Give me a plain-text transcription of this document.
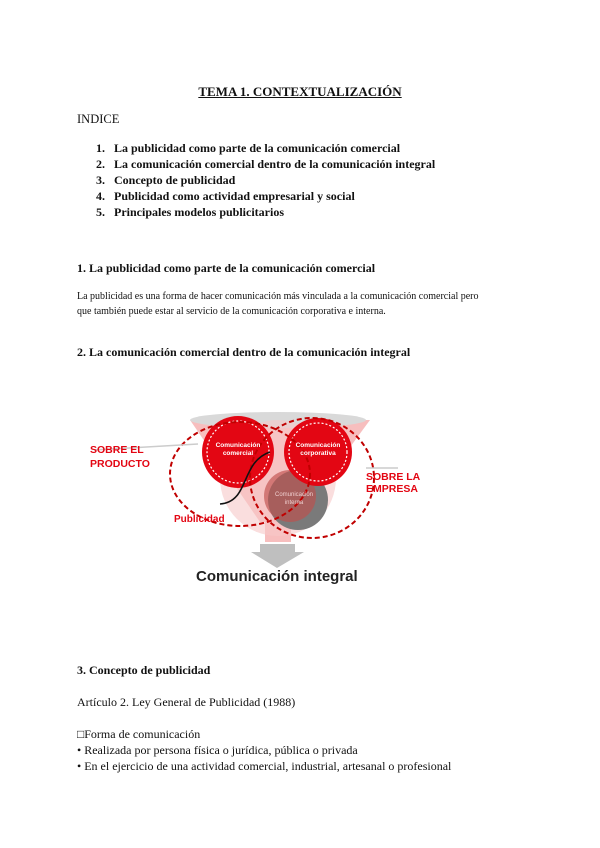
TEMA 1. CONTEXTUALIZACIÓN
INDICE
1. La publicidad como parte de la comunicación comercial
2. La comunicación comercial dentro de la comunicación integral
3. Concepto de publicidad
4. Publicidad como actividad empresarial y social
5. Principales modelos publicitarios
1. La publicidad como parte de la comunicación comercial
La publicidad es una forma de hacer comunicación más vinculada a la comunicación comercial pero
que también puede estar al servicio de la comunicación corporativa e interna.
2. La comunicación comercial dentro de la comunicación integral
SOBRE EL
PRODUCTO
SOBRE LA
EMPRESA
Comunicación
comercial
Comunicación
corporativa
Comunicación
interna
Publicidad
Comunicación integral
3. Concepto de publicidad
Artículo 2. Ley General de Publicidad (1988)
□Forma de comunicación
• Realizada por persona física o jurídica, pública o privada
• En el ejercicio de una actividad comercial, industrial, artesanal o profesional
